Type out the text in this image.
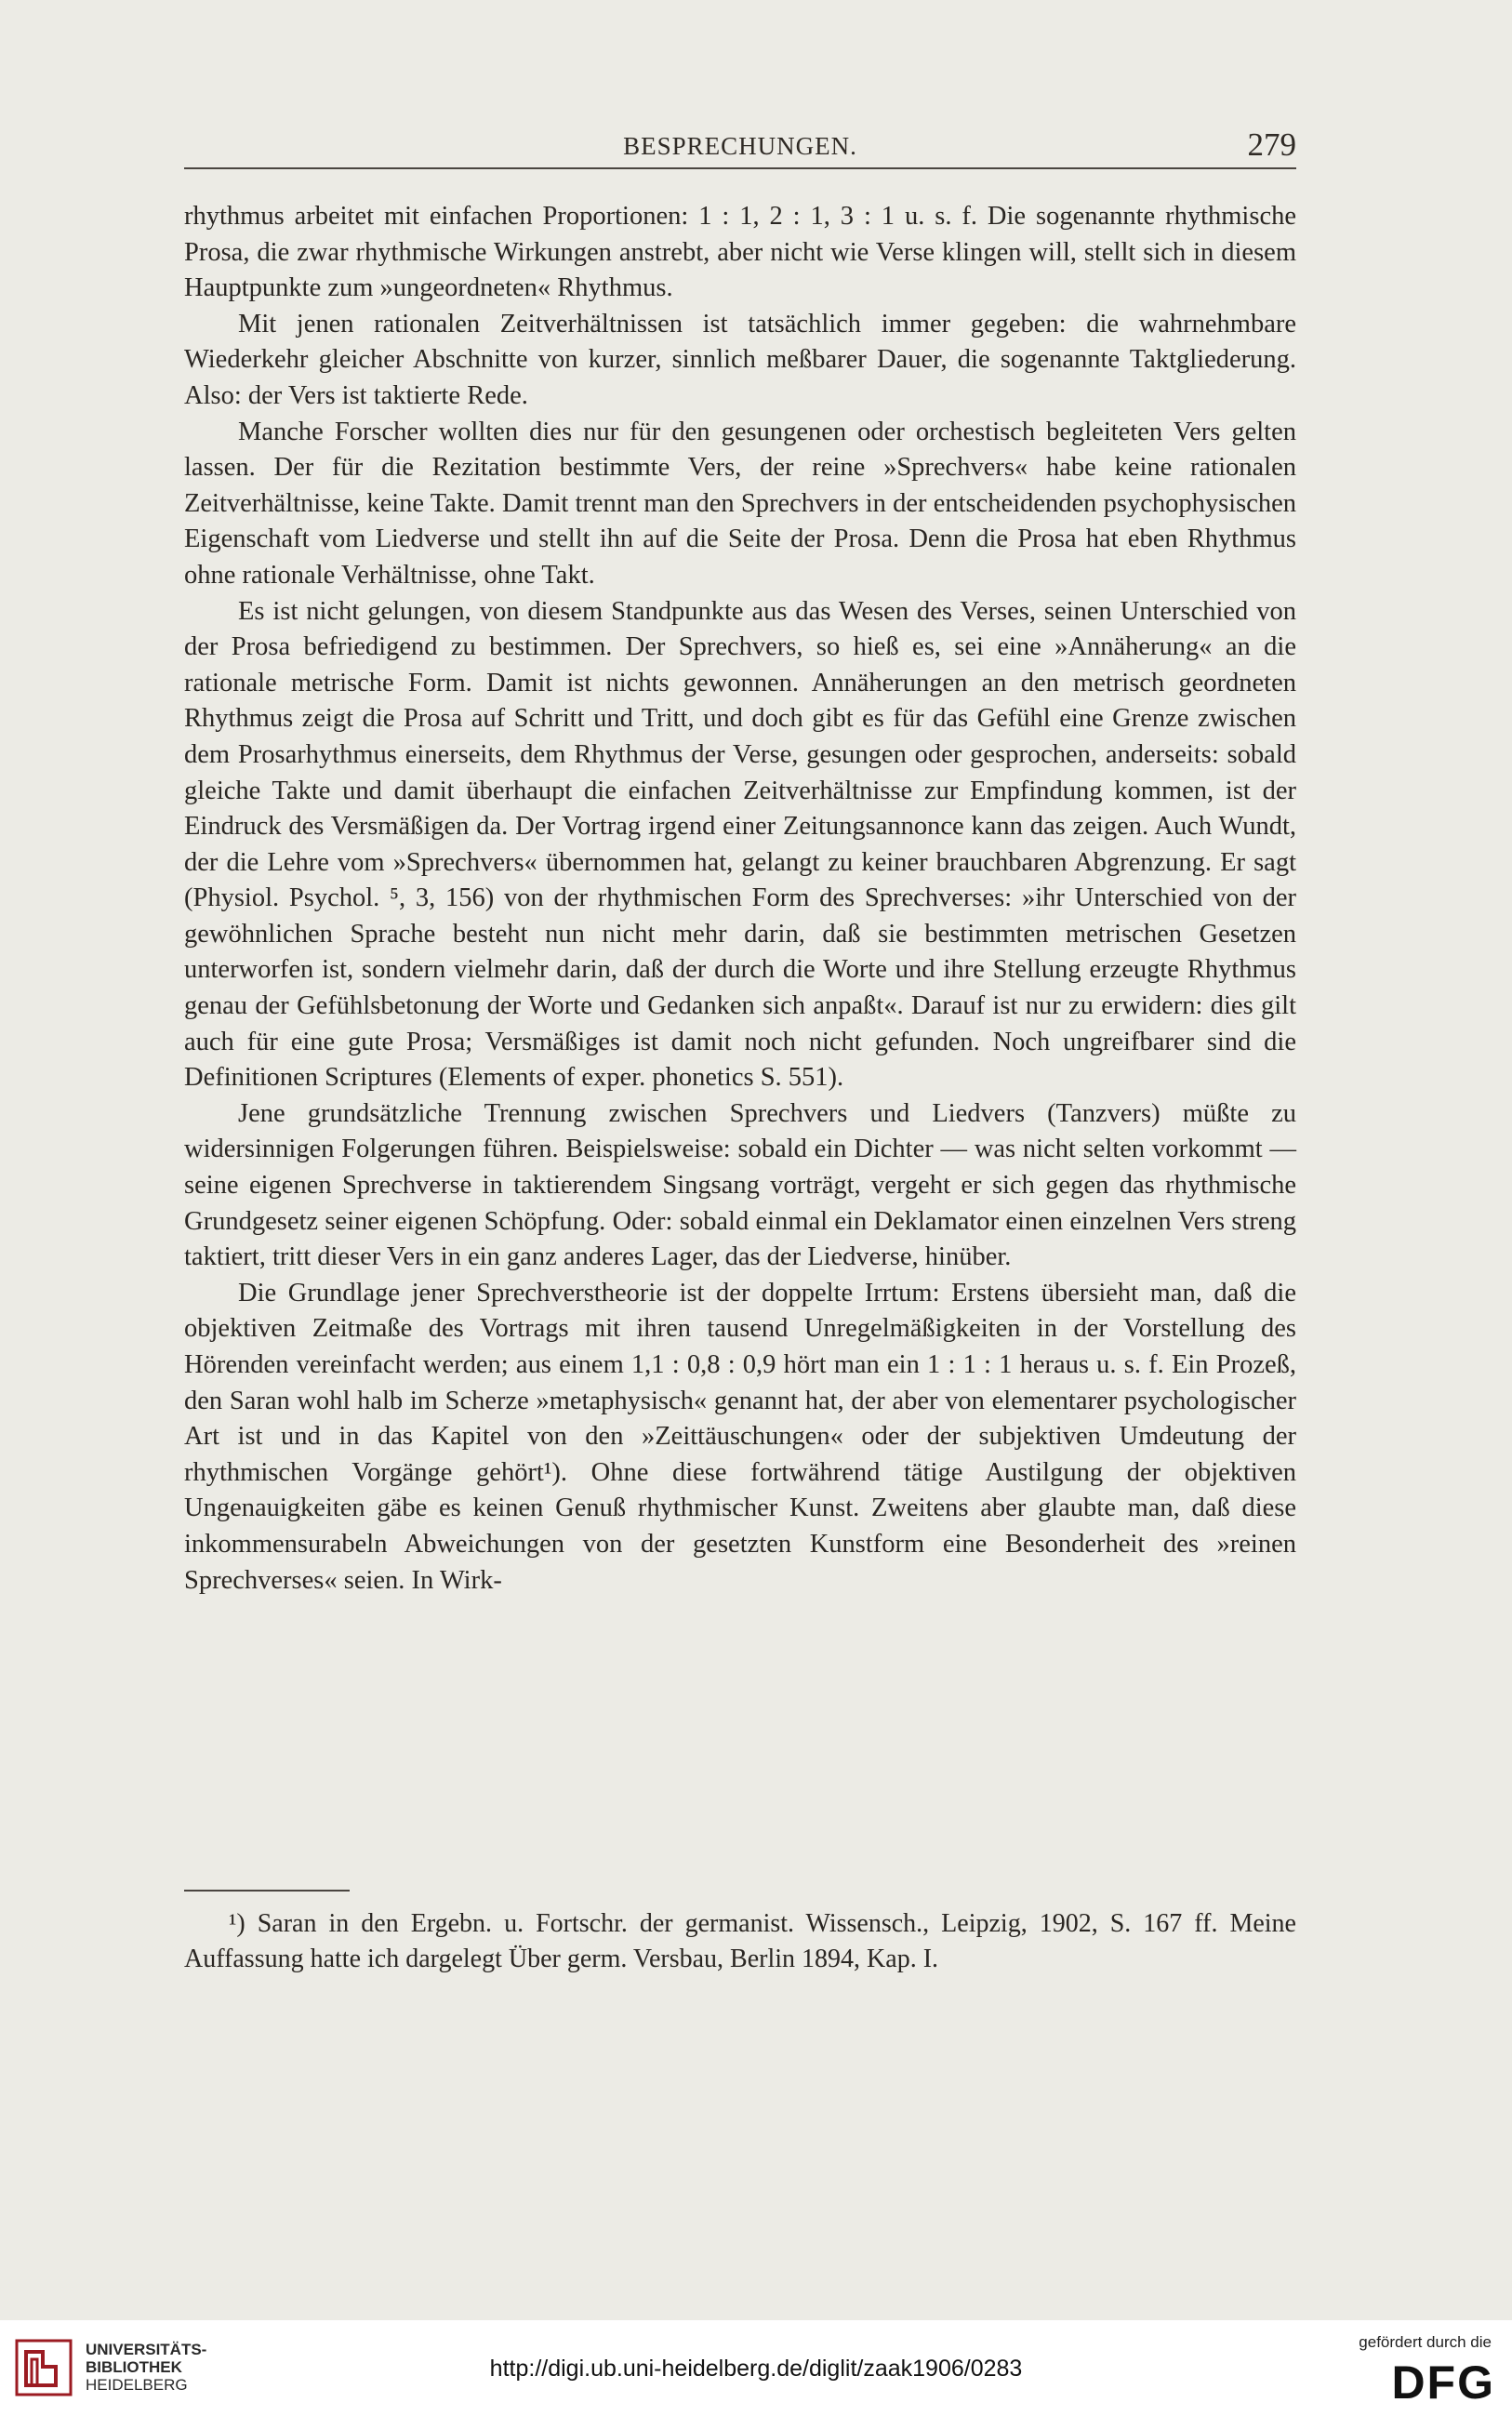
BESPRECHUNGEN.	279

rhythmus arbeitet mit einfachen Proportionen: 1 : 1, 2 : 1, 3 : 1 u. s. f. Die sogenannte rhythmische Prosa, die zwar rhythmische Wirkungen anstrebt, aber nicht wie Verse klingen will, stellt sich in diesem Hauptpunkte zum »ungeordneten« Rhythmus.

Mit jenen rationalen Zeitverhältnissen ist tatsächlich immer gegeben: die wahrnehmbare Wiederkehr gleicher Abschnitte von kurzer, sinnlich meßbarer Dauer, die sogenannte Taktgliederung. Also: der Vers ist taktierte Rede.

Manche Forscher wollten dies nur für den gesungenen oder orchestisch begleiteten Vers gelten lassen. Der für die Rezitation bestimmte Vers, der reine »Sprechvers« habe keine rationalen Zeitverhältnisse, keine Takte. Damit trennt man den Sprechvers in der entscheidenden psychophysischen Eigenschaft vom Liedverse und stellt ihn auf die Seite der Prosa. Denn die Prosa hat eben Rhythmus ohne rationale Verhältnisse, ohne Takt.

Es ist nicht gelungen, von diesem Standpunkte aus das Wesen des Verses, seinen Unterschied von der Prosa befriedigend zu bestimmen. Der Sprechvers, so hieß es, sei eine »Annäherung« an die rationale metrische Form. Damit ist nichts gewonnen. Annäherungen an den metrisch geordneten Rhythmus zeigt die Prosa auf Schritt und Tritt, und doch gibt es für das Gefühl eine Grenze zwischen dem Prosarhythmus einerseits, dem Rhythmus der Verse, gesungen oder gesprochen, anderseits: sobald gleiche Takte und damit überhaupt die einfachen Zeitverhältnisse zur Empfindung kommen, ist der Eindruck des Versmäßigen da. Der Vortrag irgend einer Zeitungsannonce kann das zeigen. Auch Wundt, der die Lehre vom »Sprechvers« übernommen hat, gelangt zu keiner brauchbaren Abgrenzung. Er sagt (Physiol. Psychol. ⁵, 3, 156) von der rhythmischen Form des Sprechverses: »ihr Unterschied von der gewöhnlichen Sprache besteht nun nicht mehr darin, daß sie bestimmten metrischen Gesetzen unterworfen ist, sondern vielmehr darin, daß der durch die Worte und ihre Stellung erzeugte Rhythmus genau der Gefühlsbetonung der Worte und Gedanken sich anpaßt«. Darauf ist nur zu erwidern: dies gilt auch für eine gute Prosa; Versmäßiges ist damit noch nicht gefunden. Noch ungreifbarer sind die Definitionen Scriptures (Elements of exper. phonetics S. 551).

Jene grundsätzliche Trennung zwischen Sprechvers und Liedvers (Tanzvers) müßte zu widersinnigen Folgerungen führen. Beispielsweise: sobald ein Dichter — was nicht selten vorkommt — seine eigenen Sprechverse in taktierendem Singsang vorträgt, vergeht er sich gegen das rhythmische Grundgesetz seiner eigenen Schöpfung. Oder: sobald einmal ein Deklamator einen einzelnen Vers streng taktiert, tritt dieser Vers in ein ganz anderes Lager, das der Liedverse, hinüber.

Die Grundlage jener Sprechverstheorie ist der doppelte Irrtum: Erstens übersieht man, daß die objektiven Zeitmaße des Vortrags mit ihren tausend Unregelmäßigkeiten in der Vorstellung des Hörenden vereinfacht werden; aus einem 1,1 : 0,8 : 0,9 hört man ein 1 : 1 : 1 heraus u. s. f. Ein Prozeß, den Saran wohl halb im Scherze »metaphysisch« genannt hat, der aber von elementarer psychologischer Art ist und in das Kapitel von den »Zeittäuschungen« oder der subjektiven Umdeutung der rhythmischen Vorgänge gehört¹). Ohne diese fortwährend tätige Austilgung der objektiven Ungenauigkeiten gäbe es keinen Genuß rhythmischer Kunst. Zweitens aber glaubte man, daß diese inkommensurabeln Abweichungen von der gesetzten Kunstform eine Besonderheit des »reinen Sprechverses« seien. In Wirk-

¹) Saran in den Ergebn. u. Fortschr. der germanist. Wissensch., Leipzig, 1902, S. 167 ff. Meine Auffassung hatte ich dargelegt Über germ. Versbau, Berlin 1894, Kap. I.
UNIVERSITÄTS-
BIBLIOTHEK
HEIDELBERG
http://digi.ub.uni-heidelberg.de/diglit/zaak1906/0283
gefördert durch die
DFG
